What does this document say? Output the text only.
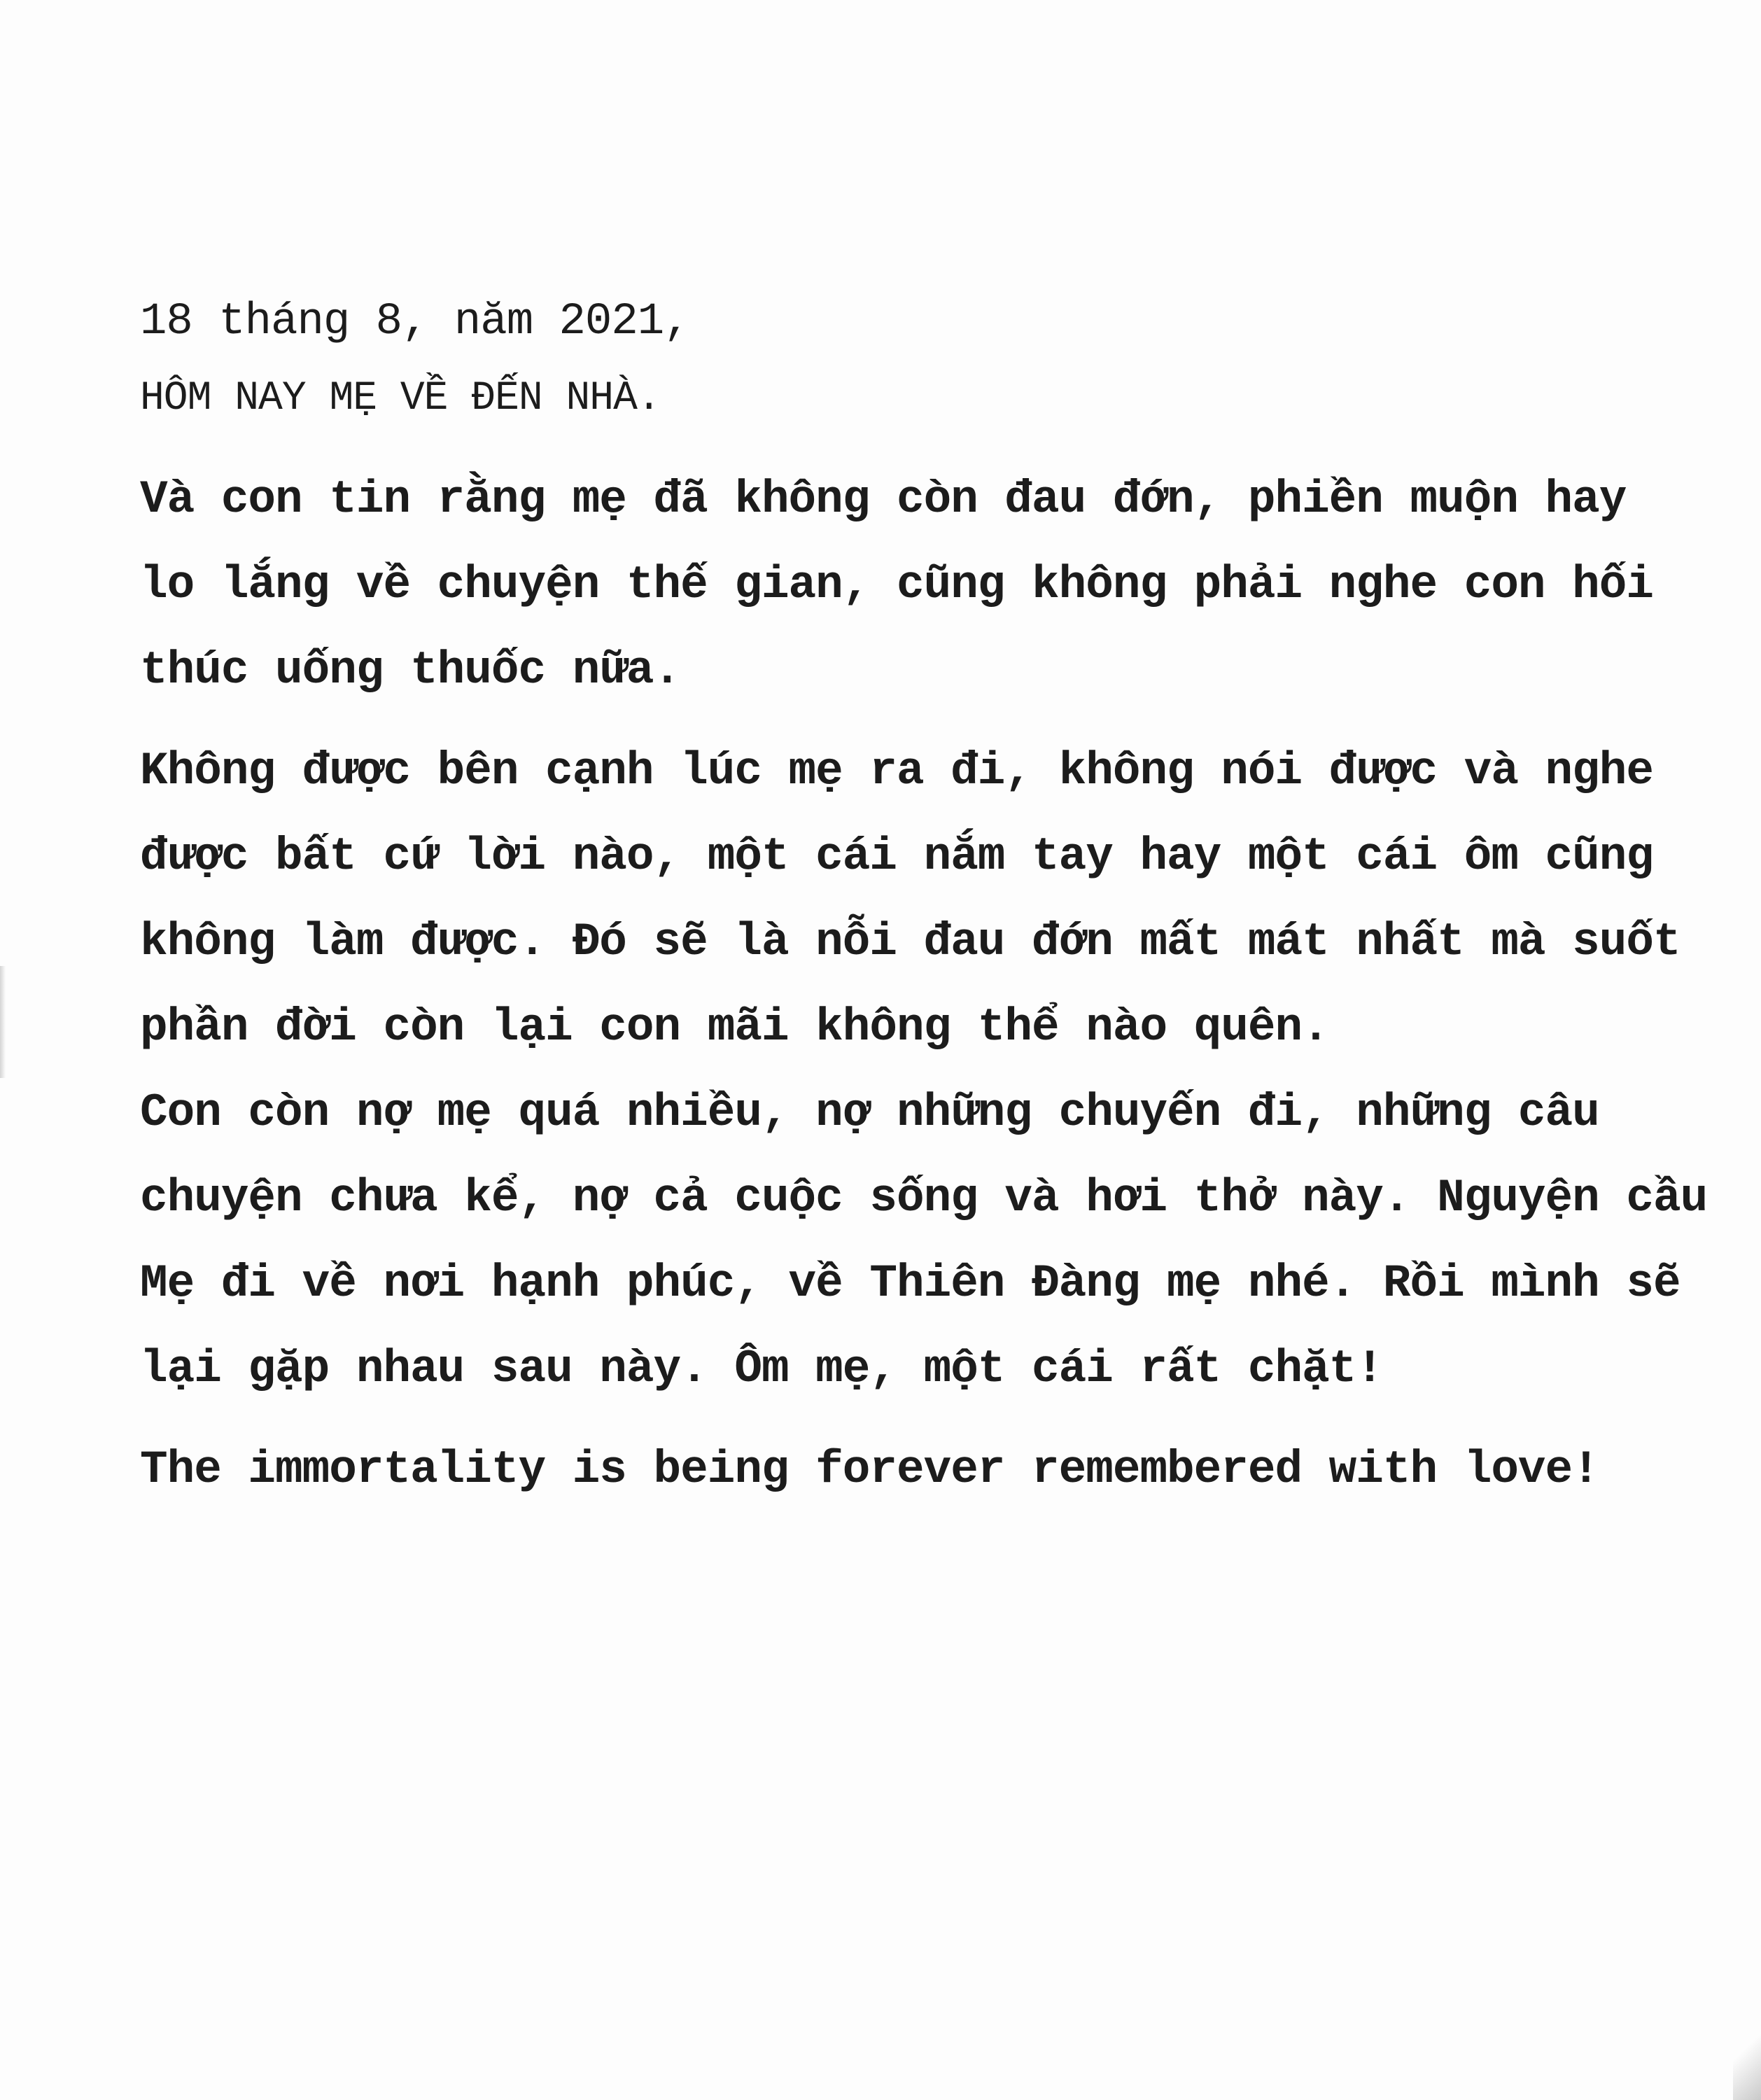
18 tháng 8, năm 2021,
HÔM NAY MẸ VỀ ĐẾN NHÀ.
Và con tin rằng mẹ đã không còn đau đớn, phiền muộn hay
lo lắng về chuyện thế gian, cũng không phải nghe con hối
thúc uống thuốc nữa.
Không được bên cạnh lúc mẹ ra đi, không nói được và nghe
được bất cứ lời nào, một cái nắm tay hay một cái ôm cũng
không làm được. Đó sẽ là nỗi đau đớn mất mát nhất mà suốt
phần đời còn lại con mãi không thể nào quên.
Con còn nợ mẹ quá nhiều, nợ những chuyến đi, những câu
chuyện chưa kể, nợ cả cuộc sống và hơi thở này. Nguyện cầu
Mẹ đi về nơi hạnh phúc, về Thiên Đàng mẹ nhé. Rồi mình sẽ
lại gặp nhau sau này. Ôm mẹ, một cái rất chặt!
The immortality is being forever remembered with love!
